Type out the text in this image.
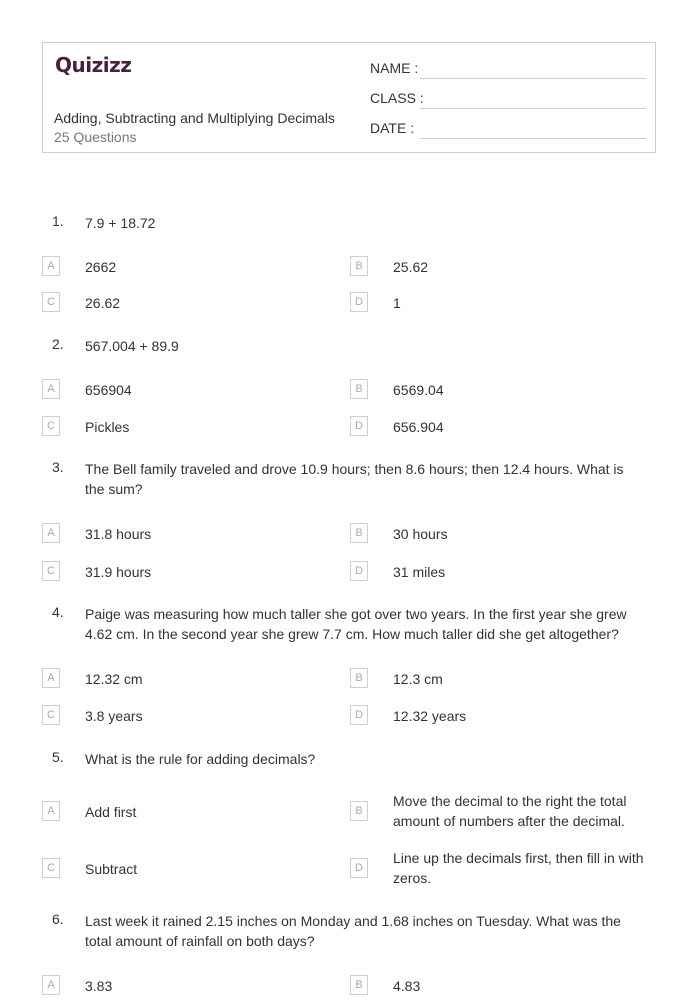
Quizizz
Adding, Subtracting and Multiplying Decimals
25 Questions
NAME :
CLASS :
DATE :
1. 7.9 + 18.72
A	2662	B	25.62
C	26.62	D	1
2. 567.004 + 89.9
A	656904	B	6569.04
C	Pickles	D	656.904
3. The Bell family traveled and drove 10.9 hours; then 8.6 hours; then 12.4 hours. What is the sum?
A	31.8 hours	B	30 hours
C	31.9 hours	D	31 miles
4. Paige was measuring how much taller she got over two years. In the first year she grew 4.62 cm. In the second year she grew 7.7 cm. How much taller did she get altogether?
A	12.32 cm	B	12.3 cm
C	3.8 years	D	12.32 years
5. What is the rule for adding decimals?
A	Add first	B
Move the decimal to the right the total amount of numbers after the decimal.
C	Subtract	D
Line up the decimals first, then fill in with zeros.
6. Last week it rained 2.15 inches on Monday and 1.68 inches on Tuesday. What was the total amount of rainfall on both days?
A	3.83	B	4.83
